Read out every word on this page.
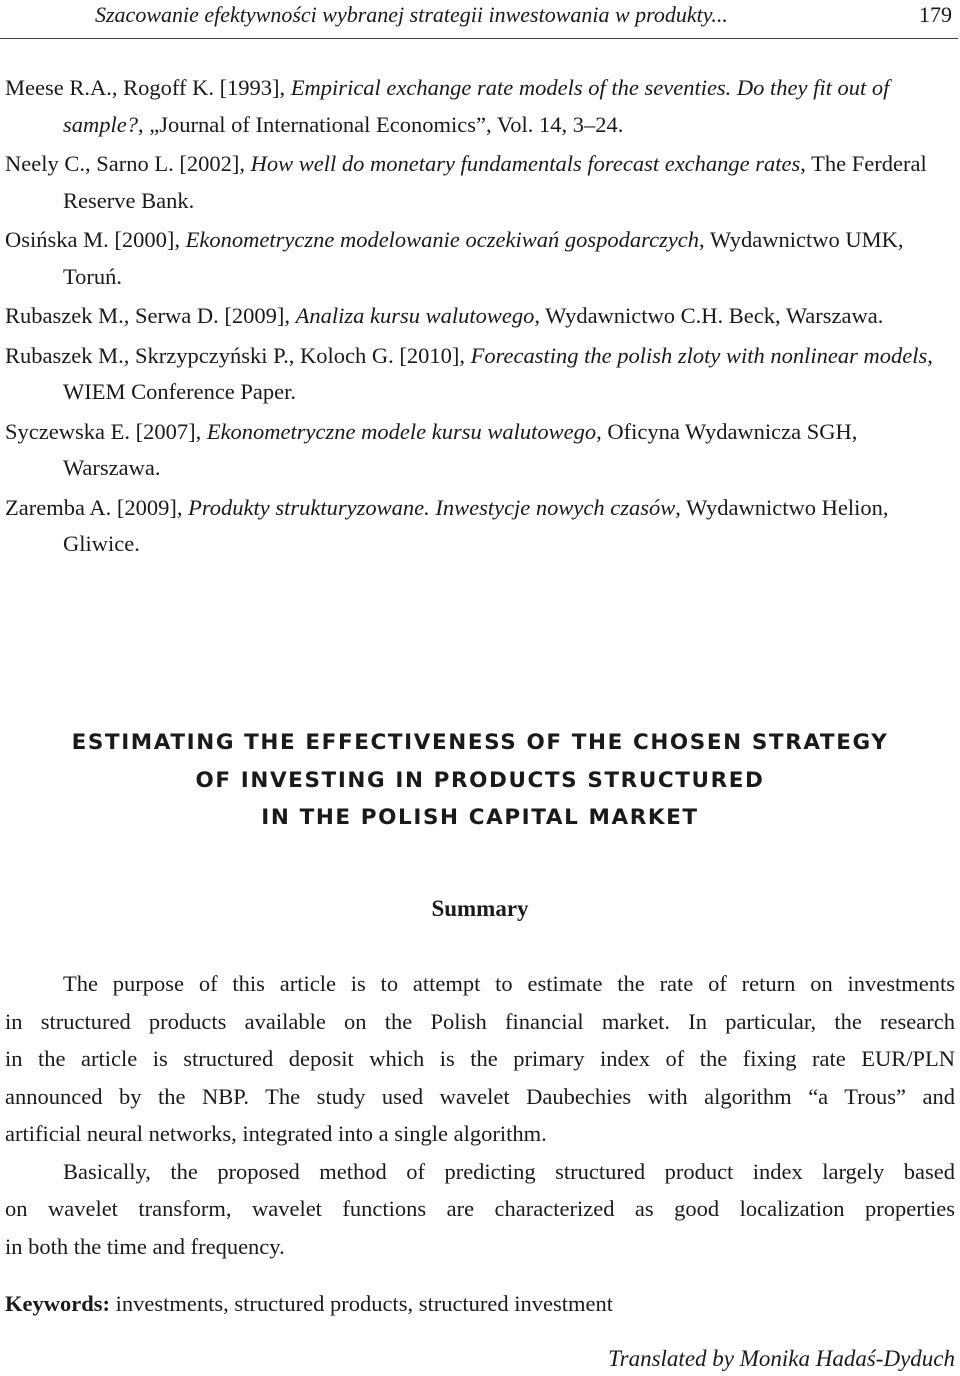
Szacowanie efektywności wybranej strategii inwestowania w produkty...	179

Meese R.A., Rogoff K. [1993], Empirical exchange rate models of the seventies. Do they fit out of sample?, „Journal of International Economics”, Vol. 14, 3–24.

Neely C., Sarno L. [2002], How well do monetary fundamentals forecast exchange rates, The Ferderal Reserve Bank.

Osińska M. [2000], Ekonometryczne modelowanie oczekiwań gospodarczych, Wydawnictwo UMK, Toruń.

Rubaszek M., Serwa D. [2009], Analiza kursu walutowego, Wydawnictwo C.H. Beck, Warszawa.

Rubaszek M., Skrzypczyński P., Koloch G. [2010], Forecasting the polish zloty with nonlinear models, WIEM Conference Paper.

Syczewska E. [2007], Ekonometryczne modele kursu walutowego, Oficyna Wydawnicza SGH, Warszawa.

Zaremba A. [2009], Produkty strukturyzowane. Inwestycje nowych czasów, Wydawnictwo Helion, Gliwice.

ESTIMATING THE EFFECTIVENESS OF THE CHOSEN STRATEGY
OF INVESTING IN PRODUCTS STRUCTURED
IN THE POLISH CAPITAL MARKET
Summary
The purpose of this article is to attempt to estimate the rate of return on investments
in structured products available on the Polish financial market. In particular, the research
in the article is structured deposit which is the primary index of the fixing rate EUR/PLN
announced by the NBP. The study used wavelet Daubechies with algorithm “a Trous” and
artificial neural networks, integrated into a single algorithm.
Basically, the proposed method of predicting structured product index largely based
on wavelet transform, wavelet functions are characterized as good localization properties
in both the time and frequency.
Keywords: investments, structured products, structured investment
Translated by Monika Hadaś-Dyduch
